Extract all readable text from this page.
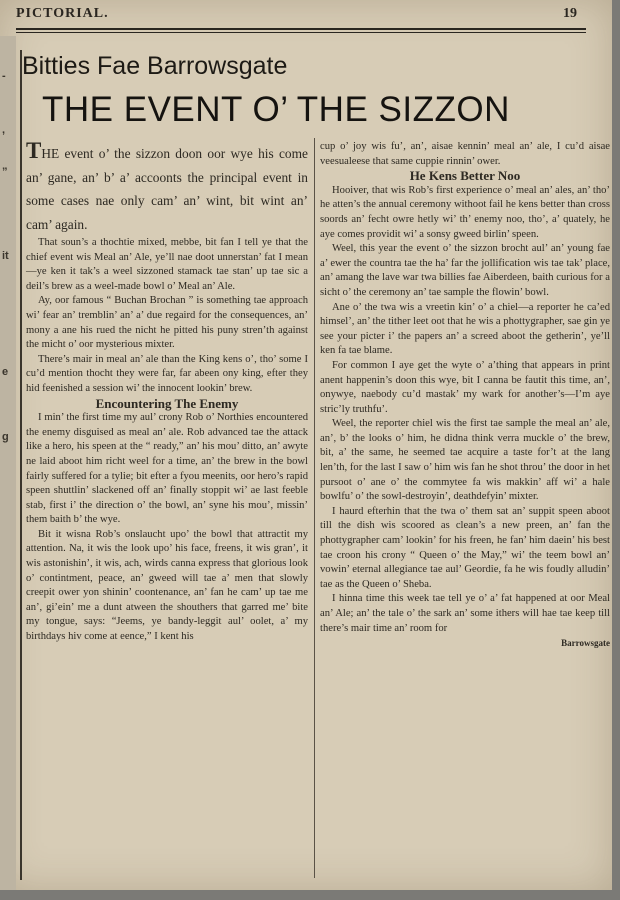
-
,
”
it
e
g
PICTORIAL.	19
Bitties Fae Barrowsgate
THE EVENT O’ THE SIZZON

THE event o’ the sizzon doon oor wye his come an’ gane, an’ b’ a’ accoonts the principal event in some cases nae only cam’ an’ wint, bit wint an’ cam’ again.

That soun’s a thochtie mixed, mebbe, bit fan I tell ye that the chief event wis Meal an’ Ale, ye’ll nae doot unnerstan’ fat I mean—ye ken it tak’s a weel sizzoned stamack tae stan’ up tae sic a deil’s brew as a weel-made bowl o’ Meal an’ Ale.

Ay, oor famous “ Buchan Brochan ” is something tae approach wi’ fear an’ tremblin’ an’ a’ due regaird for the consequences, an’ mony a ane his rued the nicht he pitted his puny stren’th against the micht o’ oor mysterious mixter.

There’s mair in meal an’ ale than the King kens o’, tho’ some I cu’d mention thocht they were far, far abeen ony king, efter they hid feenished a session wi’ the innocent lookin’ brew.

Encountering The Enemy

I min’ the first time my aul’ crony Rob o’ Northies encountered the enemy disguised as meal an’ ale. Rob advanced tae the attack like a hero, his speen at the “ ready,” an’ his mou’ ditto, an’ awyte ne laid aboot him richt weel for a time, an’ the brew in the bowl fairly suffered for a tylie; bit efter a fyou meenits, oor hero’s rapid speen shuttlin’ slackened off an’ finally stoppit wi’ ae last feeble stab, first i’ the direction o’ the bowl, an’ syne his mou’, missin’ them baith b’ the wye.

Bit it wisna Rob’s onslaucht upo’ the bowl that attractit my attention. Na, it wis the look upo’ his face, freens, it wis gran’, it wis astonishin’, it wis, ach, wirds canna express that glorious look o’ contintment, peace, an’ gweed will tae a’ men that slowly creepit ower yon shinin’ coontenance, an’ fan he cam’ up tae me an’, gi’ein’ me a dunt atween the shouthers that garred me’ bite my tongue, says: “Jeems, ye bandy-leggit aul’ oolet, a’ my birthdays hiv come at eence,” I kent his

cup o’ joy wis fu’, an’, aisae kennin’ meal an’ ale, I cu’d aisae veesualeese that same cuppie rinnin’ ower.

He Kens Better Noo

Hooiver, that wis Rob’s first experience o’ meal an’ ales, an’ tho’ he atten’s the annual ceremony withoot fail he kens better than cross soords an’ fecht owre hetly wi’ th’ enemy noo, tho’, a’ quately, he aye comes providit wi’ a sonsy gweed birlin’ speen.

Weel, this year the event o’ the sizzon brocht aul’ an’ young fae a’ ewer the countra tae the ha’ far the jollification wis tae tak’ place, an’ amang the lave war twa billies fae Aiberdeen, baith curious for a sicht o’ the ceremony an’ tae sample the flowin’ bowl.

Ane o’ the twa wis a vreetin kin’ o’ a chiel—a reporter he ca’ed himsel’, an’ the tither leet oot that he wis a phottygrapher, sae gin ye see your picter i’ the papers an’ a screed aboot the getherin’, ye’ll ken fa tae blame.

For common I aye get the wyte o’ a’thing that appears in print anent happenin’s doon this wye, bit I canna be fautit this time, an’, onywye, naebody cu’d mastak’ my wark for another’s—I’m aye stric’ly truthfu’.

Weel, the reporter chiel wis the first tae sample the meal an’ ale, an’, b’ the looks o’ him, he didna think verra muckle o’ the brew, bit, a’ the same, he seemed tae acquire a taste for’t at the lang len’th, for the last I saw o’ him wis fan he shot throu’ the door in het pursoot o’ ane o’ the commytee fa wis makkin’ aff wi’ a hale bowlfu’ o’ the sowl-destroyin’, deathdefyin’ mixter.

I haurd efterhin that the twa o’ them sat an’ suppit speen aboot till the dish wis scoored as clean’s a new preen, an’ fan the phottygrapher cam’ lookin’ for his freen, he fan’ him daein’ his best tae croon his crony “ Queen o’ the May,” wi’ the teem bowl an’ vowin’ eternal allegiance tae aul’ Geordie, fa he wis foudly alludin’ tae as the Queen o’ Sheba.

I hinna time this week tae tell ye o’ a’ fat happened at oor Meal an’ Ale; an’ the tale o’ the sark an’ some ithers will hae tae keep till there’s mair time an’ room for

Barrowsgate
